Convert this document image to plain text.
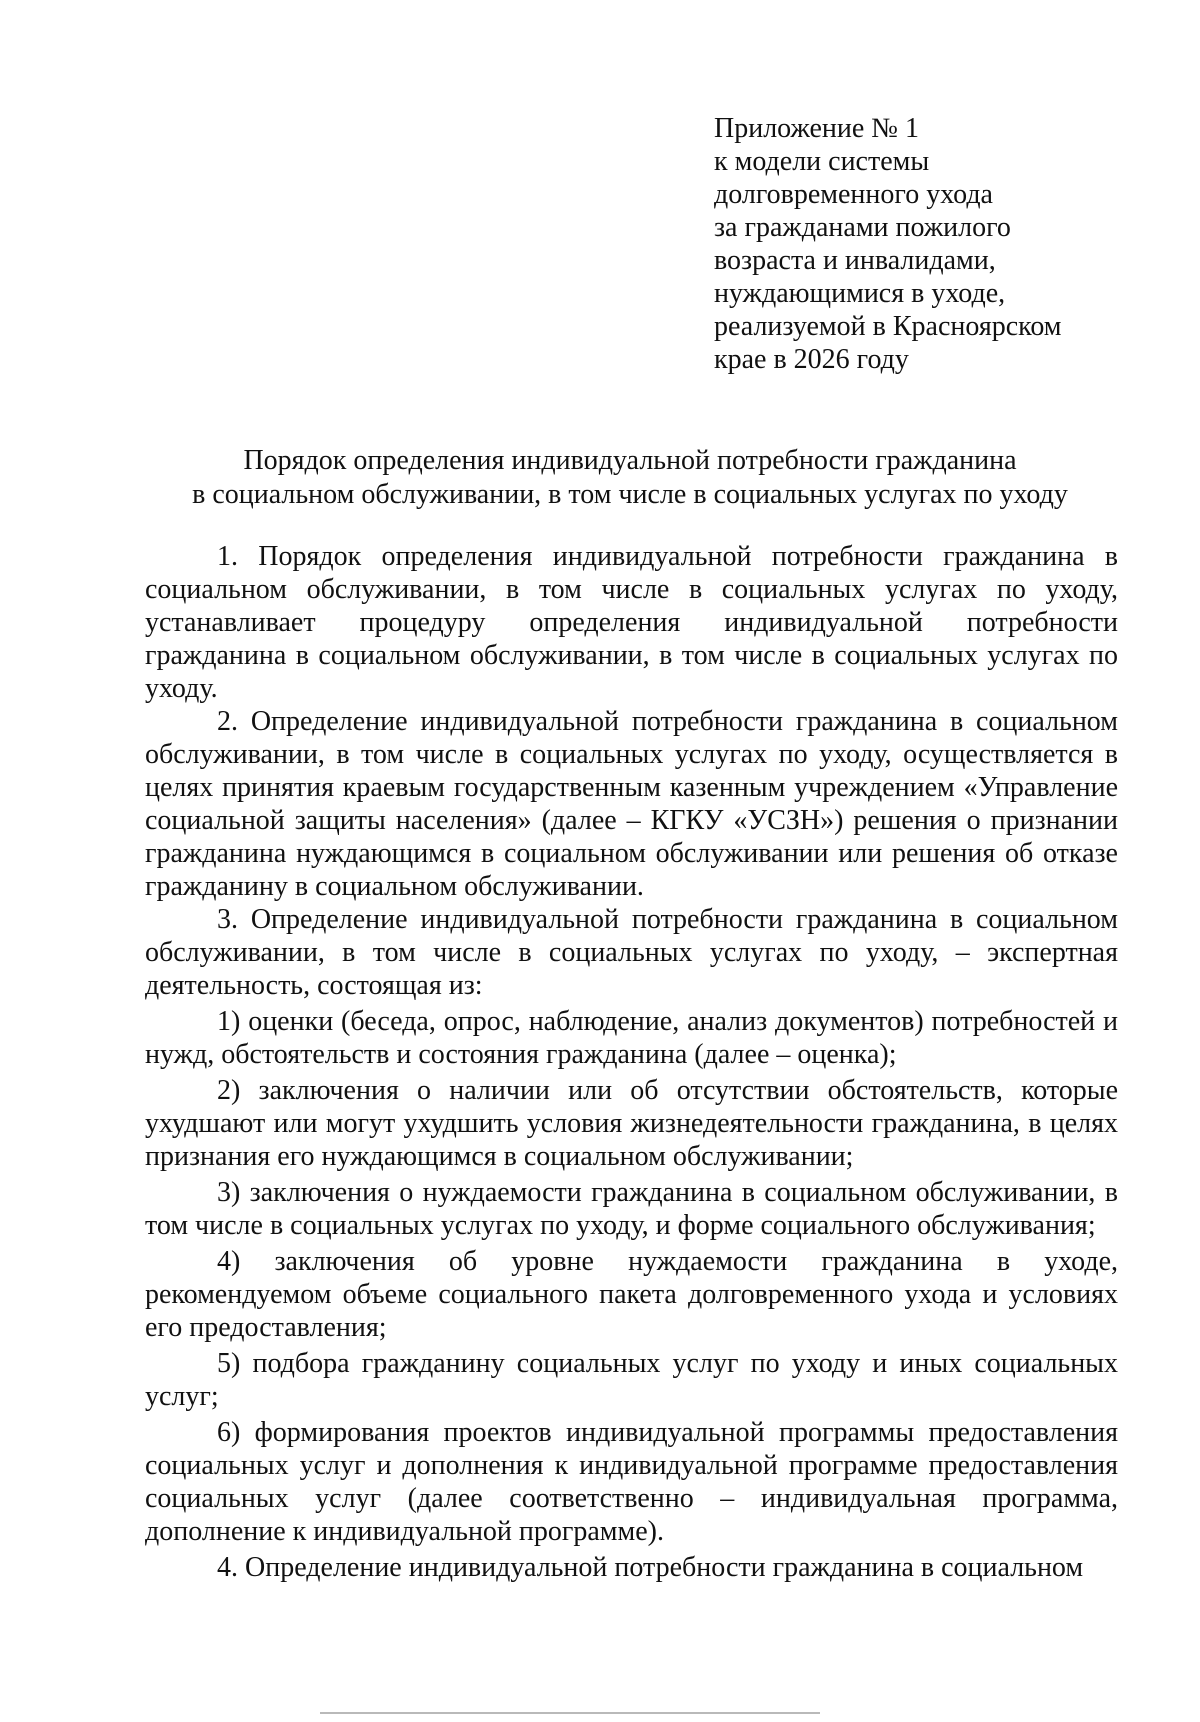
Приложение № 1
к модели системы
долговременного ухода
за гражданами пожилого
возраста и инвалидами,
нуждающимися в уходе,
реализуемой в Красноярском
крае в 2026 году
Порядок определения индивидуальной потребности гражданина
в социальном обслуживании, в том числе в социальных услугах по уходу

1. Порядок определения индивидуальной потребности гражданина в социальном обслуживании, в том числе в социальных услугах по уходу, устанавливает процедуру определения индивидуальной потребности гражданина в социальном обслуживании, в том числе в социальных услугах по уходу.

2. Определение индивидуальной потребности гражданина в социальном обслуживании, в том числе в социальных услугах по уходу, осуществляется в целях принятия краевым государственным казенным учреждением «Управление социальной защиты населения» (далее – КГКУ «УСЗН») решения о признании гражданина нуждающимся в социальном обслуживании или решения об отказе гражданину в социальном обслуживании.

3. Определение индивидуальной потребности гражданина в социальном обслуживании, в том числе в социальных услугах по уходу, – экспертная деятельность, состоящая из:

1) оценки (беседа, опрос, наблюдение, анализ документов) потребностей и нужд, обстоятельств и состояния гражданина (далее – оценка);

2) заключения о наличии или об отсутствии обстоятельств, которые ухудшают или могут ухудшить условия жизнедеятельности гражданина, в целях признания его нуждающимся в социальном обслуживании;

3) заключения о нуждаемости гражданина в социальном обслуживании, в том числе в социальных услугах по уходу, и форме социального обслуживания;

4) заключения об уровне нуждаемости гражданина в уходе, рекомендуемом объеме социального пакета долговременного ухода и условиях его предоставления;

5) подбора гражданину социальных услуг по уходу и иных социальных услуг;

6) формирования проектов индивидуальной программы предоставления социальных услуг и дополнения к индивидуальной программе предоставления социальных услуг (далее соответственно – индивидуальная программа, дополнение к индивидуальной программе).

4. Определение индивидуальной потребности гражданина в социальном
